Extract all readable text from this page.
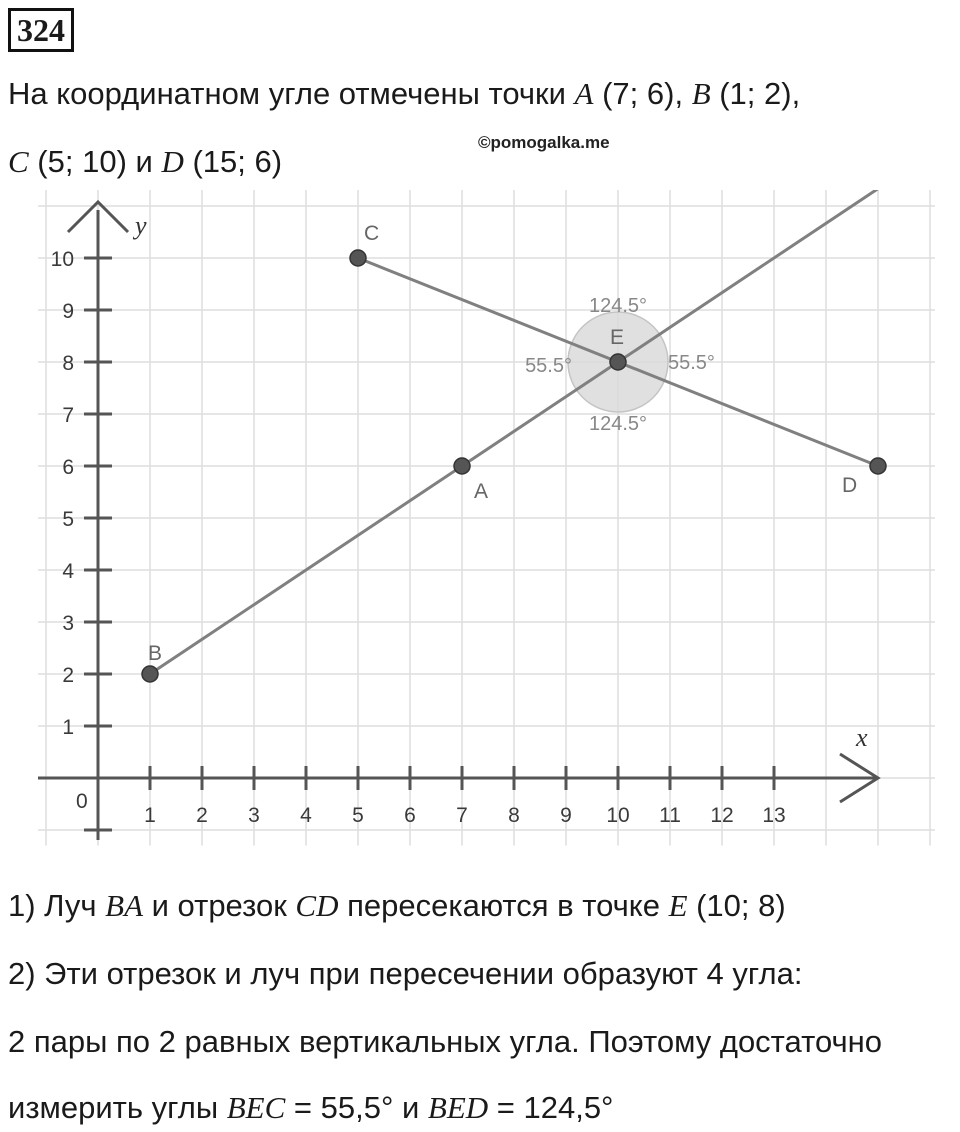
324
На координатном угле отмечены точки A (7; 6), B (1; 2),
©pomogalka.me
C (5; 10) и D (15; 6)
y
x
0
1 2 3 4 5 6 7 8 9 10 11 12 13
1
2
3
4
5
6
7
8
9
10
124.5°
124.5°
55.5°	55.5°
A
B
C
D
E
1) Луч BA и отрезок CD пересекаются в точке E (10; 8)
2) Эти отрезок и луч при пересечении образуют 4 угла:
2 пары по 2 равных вертикальных угла. Поэтому достаточно
измерить углы BEC = 55,5° и BED = 124,5°
